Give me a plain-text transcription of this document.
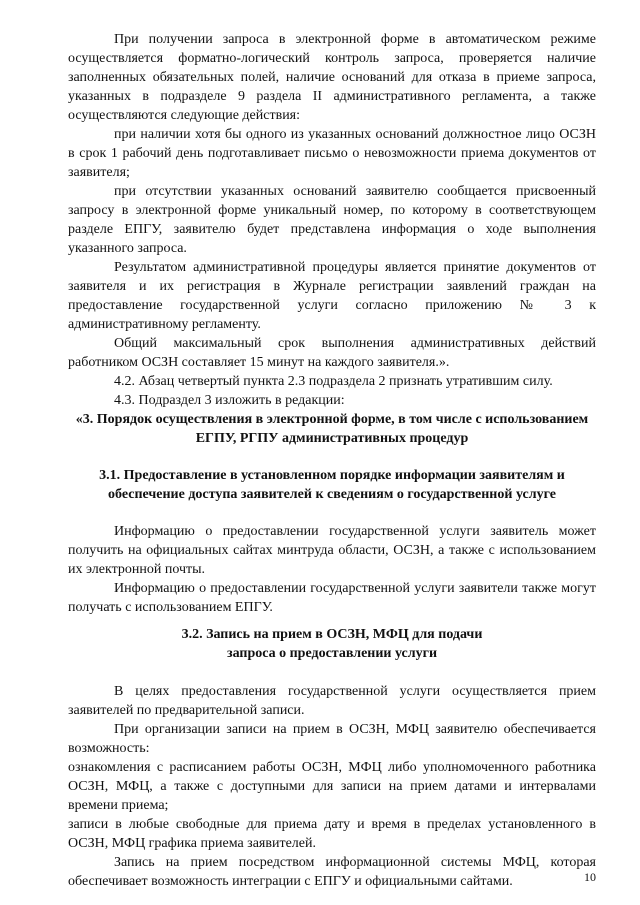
При получении запроса в электронной форме в автоматическом режиме осуществляется форматно-логический контроль запроса, проверяется наличие заполненных обязательных полей, наличие оснований для отказа в приеме запроса, указанных в подразделе 9 раздела II административного регламента, а также осуществляются следующие действия:

при наличии хотя бы одного из указанных оснований должностное лицо ОСЗН в срок 1 рабочий день подготавливает письмо о невозможности приема документов от заявителя;

при отсутствии указанных оснований заявителю сообщается присвоенный запросу в электронной форме уникальный номер, по которому в соответствующем разделе ЕПГУ, заявителю будет представлена информация о ходе выполнения указанного запроса.

Результатом административной процедуры является принятие документов от заявителя и их регистрация в Журнале регистрации заявлений граждан на предоставление государственной услуги согласно приложению № 3 к административному регламенту.

Общий максимальный срок выполнения административных действий работником ОСЗН составляет 15 минут на каждого заявителя.».

4.2. Абзац четвертый пункта 2.3 подраздела 2 признать утратившим силу.

4.3. Подраздел 3 изложить в редакции:

«3. Порядок осуществления в электронной форме, в том числе с использованием ЕГПУ, РГПУ административных процедур

3.1. Предоставление в установленном порядке информации заявителям и обеспечение доступа заявителей к сведениям о государственной услуге

Информацию о предоставлении государственной услуги заявитель может получить на официальных сайтах минтруда области, ОСЗН, а также с использованием их электронной почты.

Информацию о предоставлении государственной услуги заявители также могут получать с использованием ЕПГУ.

3.2. Запись на прием в ОСЗН, МФЦ для подачи

запроса о предоставлении услуги

В целях предоставления государственной услуги осуществляется прием заявителей по предварительной записи.

При организации записи на прием в ОСЗН, МФЦ заявителю обеспечивается возможность:

ознакомления с расписанием работы ОСЗН, МФЦ либо уполномоченного работника ОСЗН, МФЦ, а также с доступными для записи на прием датами и интервалами времени приема;

записи в любые свободные для приема дату и время в пределах установленного в ОСЗН, МФЦ графика приема заявителей.

Запись на прием посредством информационной системы МФЦ, которая обеспечивает возможность интеграции с ЕПГУ и официальными сайтами.	10
